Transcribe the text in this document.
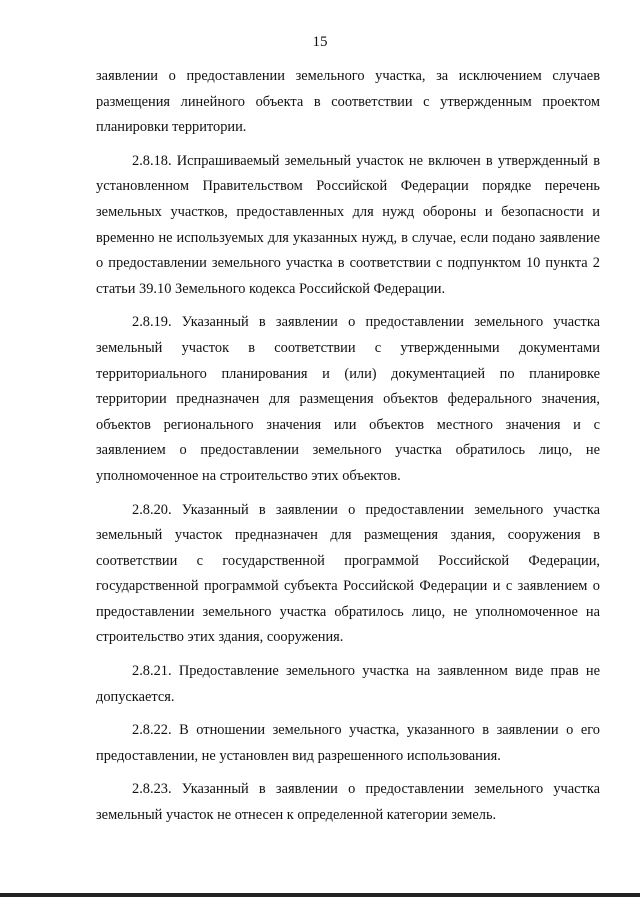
15

заявлении о предоставлении земельного участка, за исключением случаев размещения линейного объекта в соответствии с утвержденным проектом планировки территории.

2.8.18. Испрашиваемый земельный участок не включен в утвержденный в установленном Правительством Российской Федерации порядке перечень земельных участков, предоставленных для нужд обороны и безопасности и временно не используемых для указанных нужд, в случае, если подано заявление о предоставлении земельного участка в соответствии с подпунктом 10 пункта 2 статьи 39.10 Земельного кодекса Российской Федерации.

2.8.19. Указанный в заявлении о предоставлении земельного участка земельный участок в соответствии с утвержденными документами территориального планирования и (или) документацией по планировке территории предназначен для размещения объектов федерального значения, объектов регионального значения или объектов местного значения и с заявлением о предоставлении земельного участка обратилось лицо, не уполномоченное на строительство этих объектов.

2.8.20. Указанный в заявлении о предоставлении земельного участка земельный участок предназначен для размещения здания, сооружения в соответствии с государственной программой Российской Федерации, государственной программой субъекта Российской Федерации и с заявлением о предоставлении земельного участка обратилось лицо, не уполномоченное на строительство этих здания, сооружения.

2.8.21. Предоставление земельного участка на заявленном виде прав не допускается.

2.8.22. В отношении земельного участка, указанного в заявлении о его предоставлении, не установлен вид разрешенного использования.

2.8.23. Указанный в заявлении о предоставлении земельного участка земельный участок не отнесен к определенной категории земель.
